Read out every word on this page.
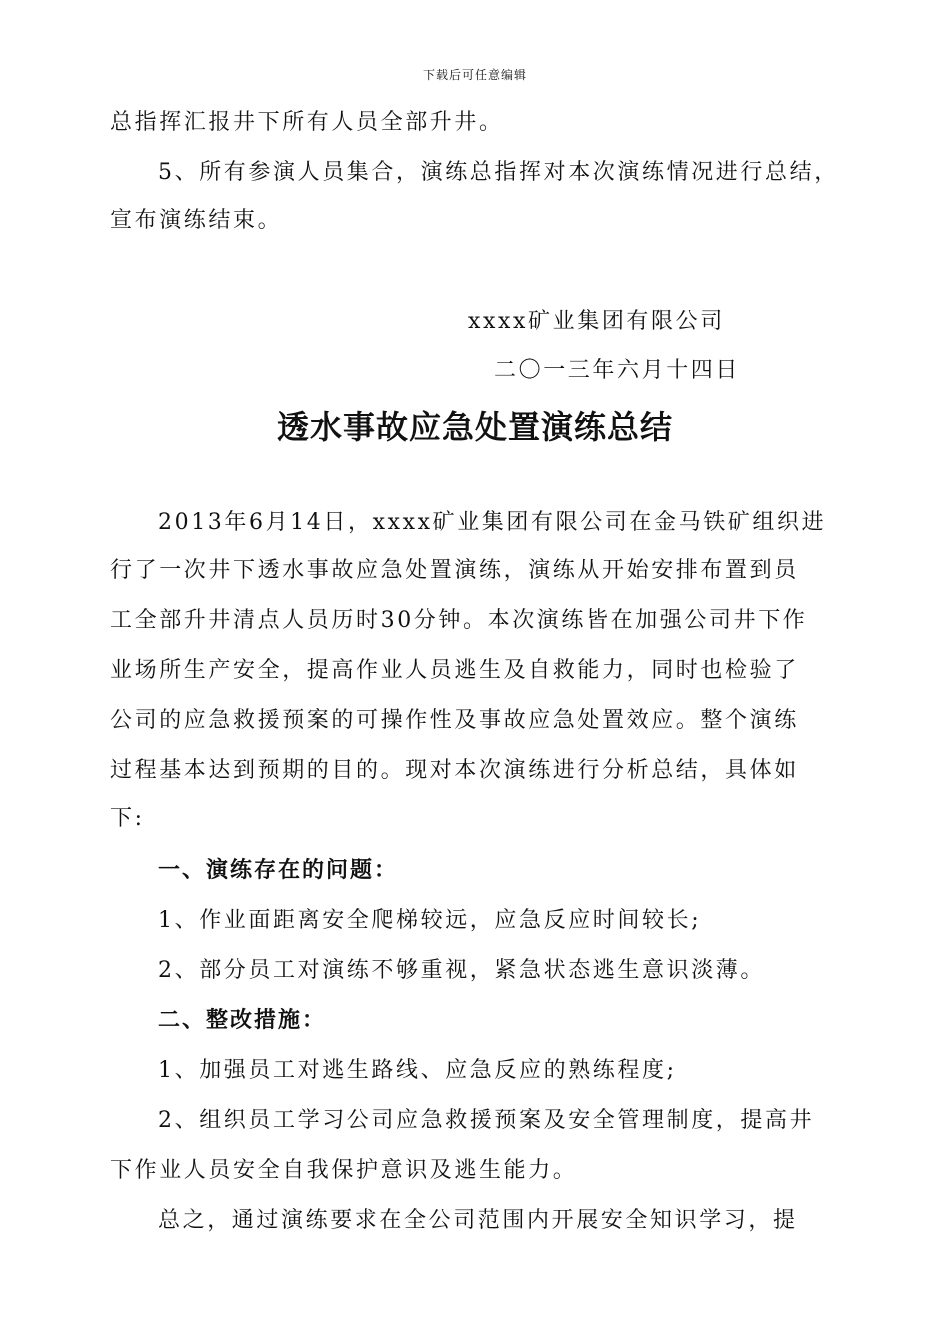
下载后可任意编辑
总指挥汇报井下所有人员全部升井。
5、所有参演人员集合，演练总指挥对本次演练情况进行总结，
宣布演练结束。
xxxx矿业集团有限公司
二〇一三年六月十四日
透水事故应急处置演练总结
2013年6月14日，xxxx矿业集团有限公司在金马铁矿组织进
行了一次井下透水事故应急处置演练，演练从开始安排布置到员
工全部升井清点人员历时30分钟。本次演练皆在加强公司井下作
业场所生产安全，提高作业人员逃生及自救能力，同时也检验了
公司的应急救援预案的可操作性及事故应急处置效应。整个演练
过程基本达到预期的目的。现对本次演练进行分析总结，具体如
下:
一、演练存在的问题：
1、作业面距离安全爬梯较远，应急反应时间较长;
2、部分员工对演练不够重视，紧急状态逃生意识淡薄。
二、整改措施：
1、加强员工对逃生路线、应急反应的熟练程度;
2、组织员工学习公司应急救援预案及安全管理制度，提高井
下作业人员安全自我保护意识及逃生能力。
总之，通过演练要求在全公司范围内开展安全知识学习，提
